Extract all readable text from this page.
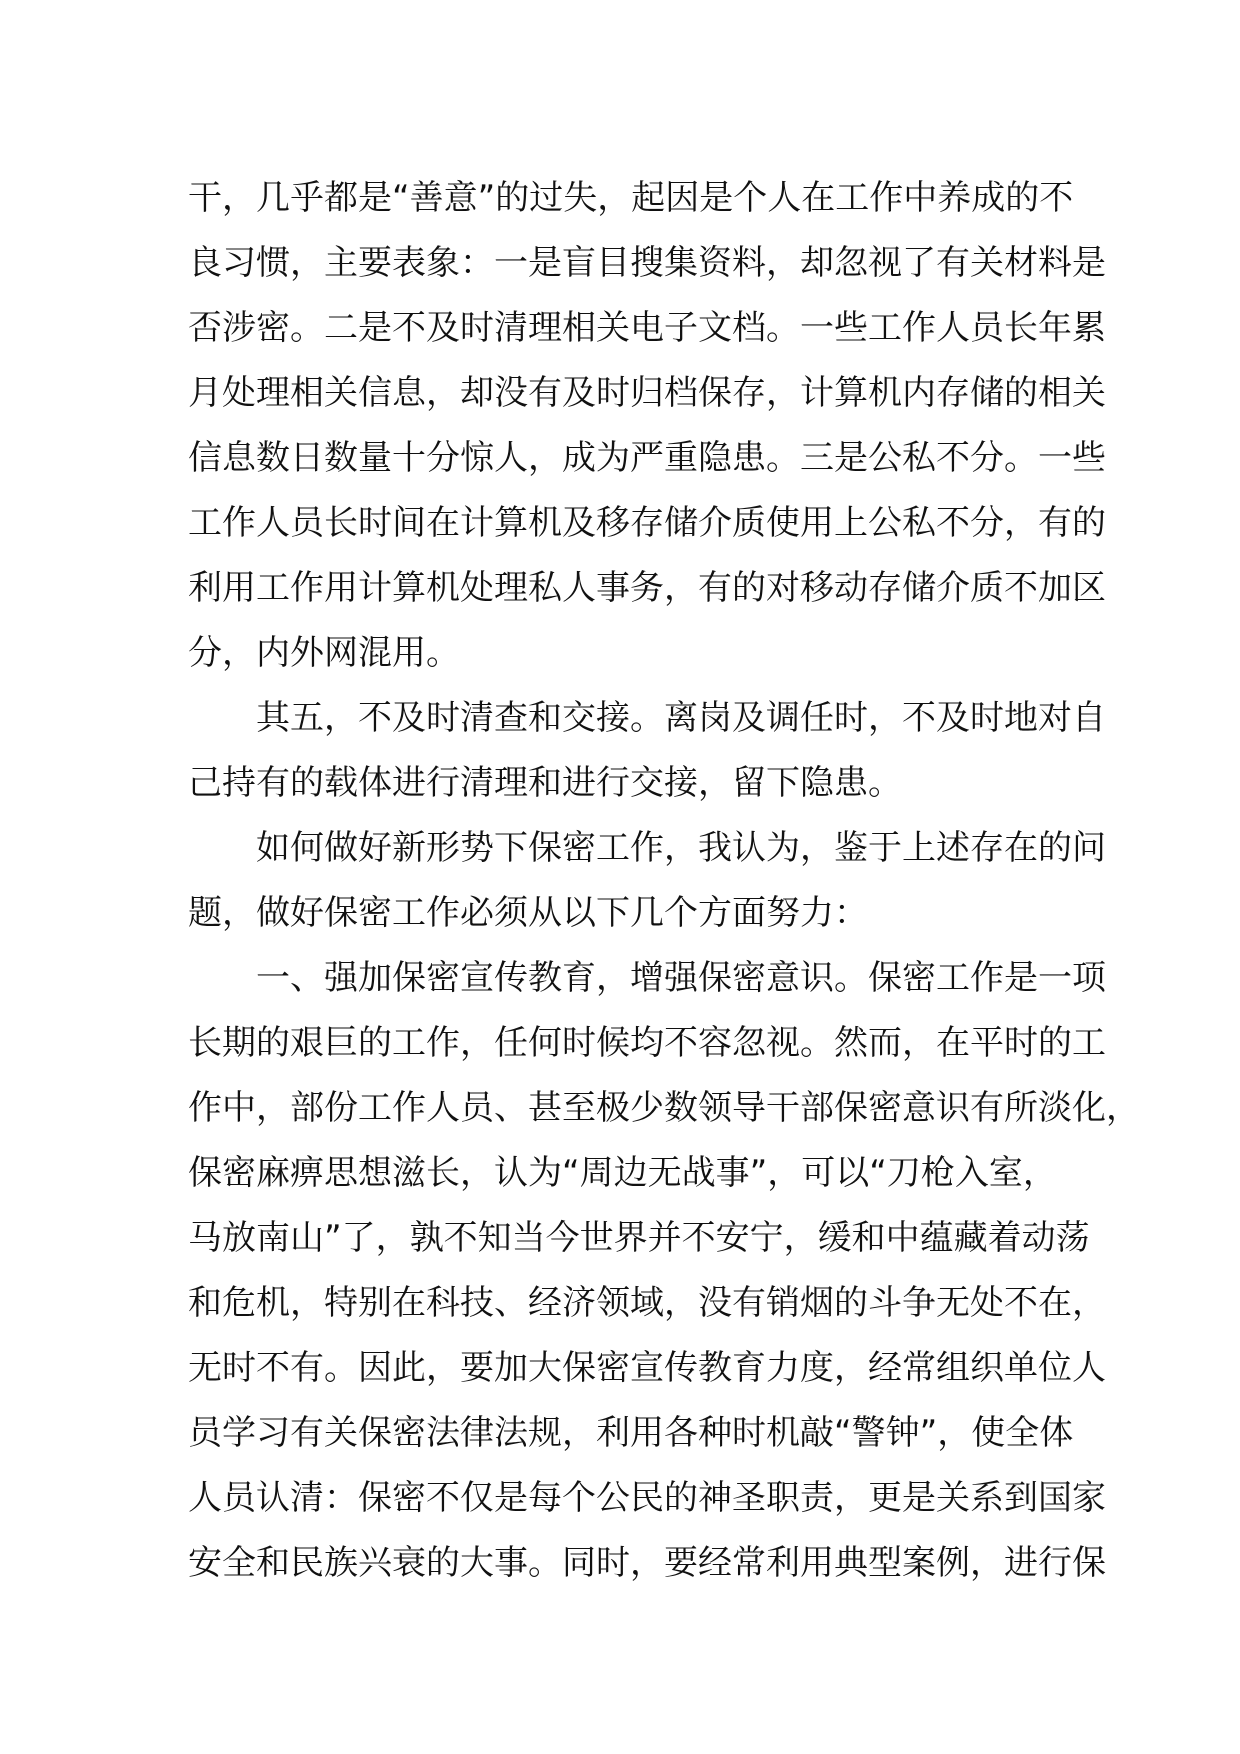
干，几乎都是“善意”的过失，起因是个人在工作中养成的不
良习惯，主要表象：一是盲目搜集资料，却忽视了有关材料是
否涉密。二是不及时清理相关电子文档。一些工作人员长年累
月处理相关信息，却没有及时归档保存，计算机内存储的相关
信息数日数量十分惊人，成为严重隐患。三是公私不分。一些
工作人员长时间在计算机及移存储介质使用上公私不分，有的
利用工作用计算机处理私人事务，有的对移动存储介质不加区
分，内外网混用。
　　其五，不及时清查和交接。离岗及调任时，不及时地对自
己持有的载体进行清理和进行交接，留下隐患。
　　如何做好新形势下保密工作，我认为，鉴于上述存在的问
题，做好保密工作必须从以下几个方面努力：
　　一、强加保密宣传教育，增强保密意识。保密工作是一项
长期的艰巨的工作，任何时候均不容忽视。然而，在平时的工
作中，部份工作人员、甚至极少数领导干部保密意识有所淡化，
保密麻痹思想滋长，认为“周边无战事”，可以“刀枪入室，
马放南山”了，孰不知当今世界并不安宁，缓和中蕴藏着动荡
和危机，特别在科技、经济领域，没有销烟的斗争无处不在，
无时不有。因此，要加大保密宣传教育力度，经常组织单位人
员学习有关保密法律法规，利用各种时机敲“警钟”，使全体
人员认清：保密不仅是每个公民的神圣职责，更是关系到国家
安全和民族兴衰的大事。同时，要经常利用典型案例，进行保
